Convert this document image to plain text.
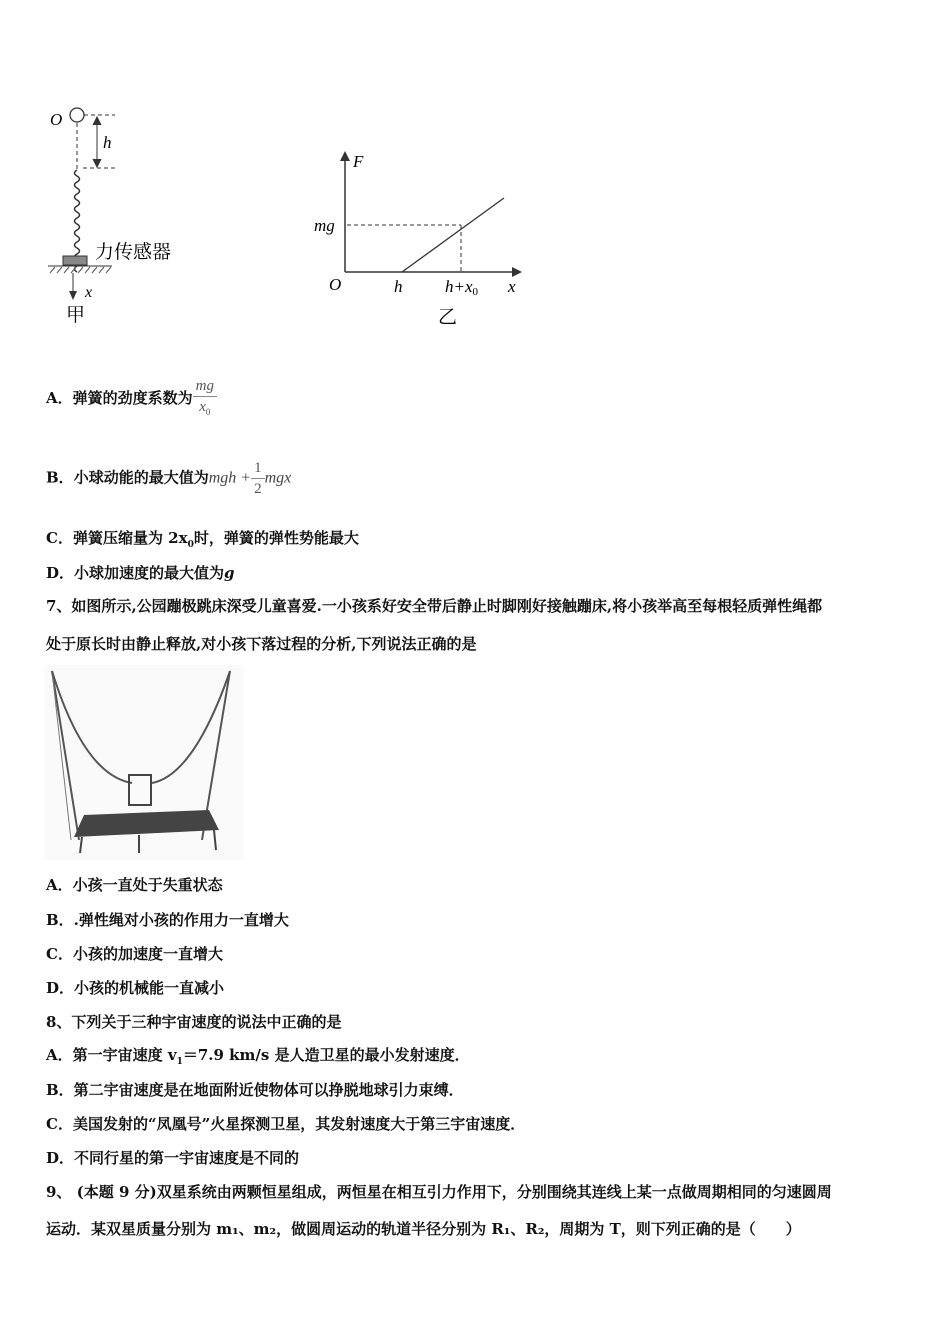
O
h
力传感器
x
甲
F
mg
O	h	h+x0 x
乙
A．弹簧的劲度系数为 $\frac{mg}{x_0}$
B．小球动能的最大值为mgh + $\frac{1}{2}$ mgx
C．弹簧压缩量为 $2x_0$时，弹簧的弹性势能最大
D．小球加速度的最大值为g
7、如图所示,公园蹦极跳床深受儿童喜爱.一小孩系好安全带后静止时脚刚好接触蹦床,将小孩举高至每根轻质弹性绳都
处于原长时由静止释放,对小孩下落过程的分析,下列说法正确的是
A．小孩一直处于失重状态
B．.弹性绳对小孩的作用力一直增大
C．小孩的加速度一直增大
D．小孩的机械能一直减小
8、下列关于三种宇宙速度的说法中正确的是
A．第一宇宙速度 $v_1=7.9$ km/s 是人造卫星的最小发射速度．
B．第二宇宙速度是在地面附近使物体可以挣脱地球引力束缚．
C．美国发射的“凤凰号”火星探测卫星，其发射速度大于第三宇宙速度．
D．不同行星的第一宇宙速度是不同的
9、 (本题 9 分)双星系统由两颗恒星组成，两恒星在相互引力作用下，分别围绕其连线上某一点做周期相同的匀速圆周
运动．某双星质量分别为 m₁、m₂，做圆周运动的轨道半径分别为 R₁、R₂，周期为 T，则下列正确的是（　　）
